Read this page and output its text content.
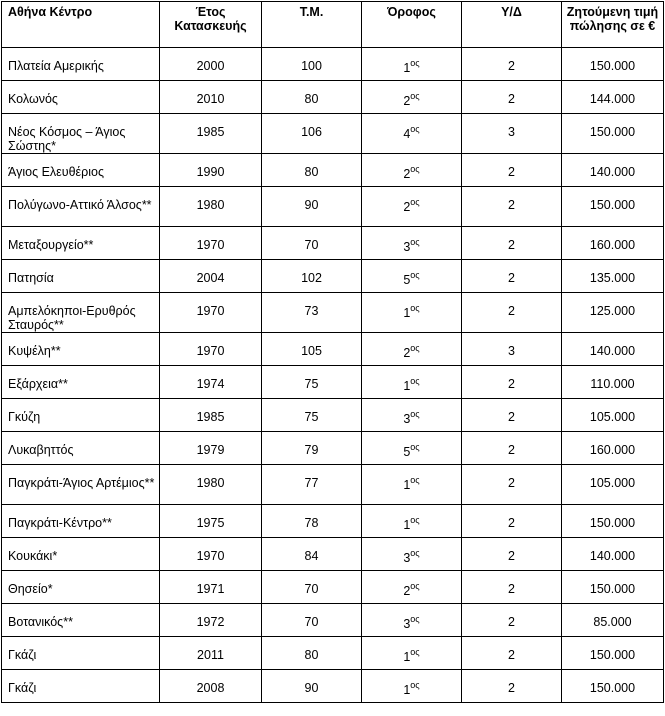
Αθήνα Κέντρο	Έτος Κατασκευής	Τ.Μ.	Όροφος	Υ/Δ	Ζητούμενη τιμή πώλησης σε €
Πλατεία Αμερικής	2000	100	$1^{o\varsigma}$	2	150.000
Κολωνός	2010	80	$2^{o\varsigma}$	2	144.000
Νέος Κόσμος – Άγιος Σώστης*	1985	106	$4^{o\varsigma}$	3	150.000
Άγιος Ελευθέριος	1990	80	$2^{o\varsigma}$	2	140.000
Πολύγωνο-Αττικό Άλσος**	1980	90	$2^{o\varsigma}$	2	150.000
Μεταξουργείο**	1970	70	$3^{o\varsigma}$	2	160.000
Πατησία	2004	102	$5^{o\varsigma}$	2	135.000
Αμπελόκηποι-Ερυθρός Σταυρός**	1970	73	$1^{o\varsigma}$	2	125.000
Κυψέλη**	1970	105	$2^{o\varsigma}$	3	140.000
Εξάρχεια**	1974	75	$1^{o\varsigma}$	2	110.000
Γκύζη	1985	75	$3^{o\varsigma}$	2	105.000
Λυκαβηττός	1979	79	$5^{o\varsigma}$	2	160.000
Παγκράτι-Άγιος Αρτέμιος**	1980	77	$1^{o\varsigma}$	2	105.000
Παγκράτι-Κέντρο**	1975	78	$1^{o\varsigma}$	2	150.000
Κουκάκι*	1970	84	$3^{o\varsigma}$	2	140.000
Θησείο*	1971	70	$2^{o\varsigma}$	2	150.000
Βοτανικός**	1972	70	$3^{o\varsigma}$	2	85.000
Γκάζι	2011	80	$1^{o\varsigma}$	2	150.000
Γκάζι	2008	90	$1^{o\varsigma}$	2	150.000
